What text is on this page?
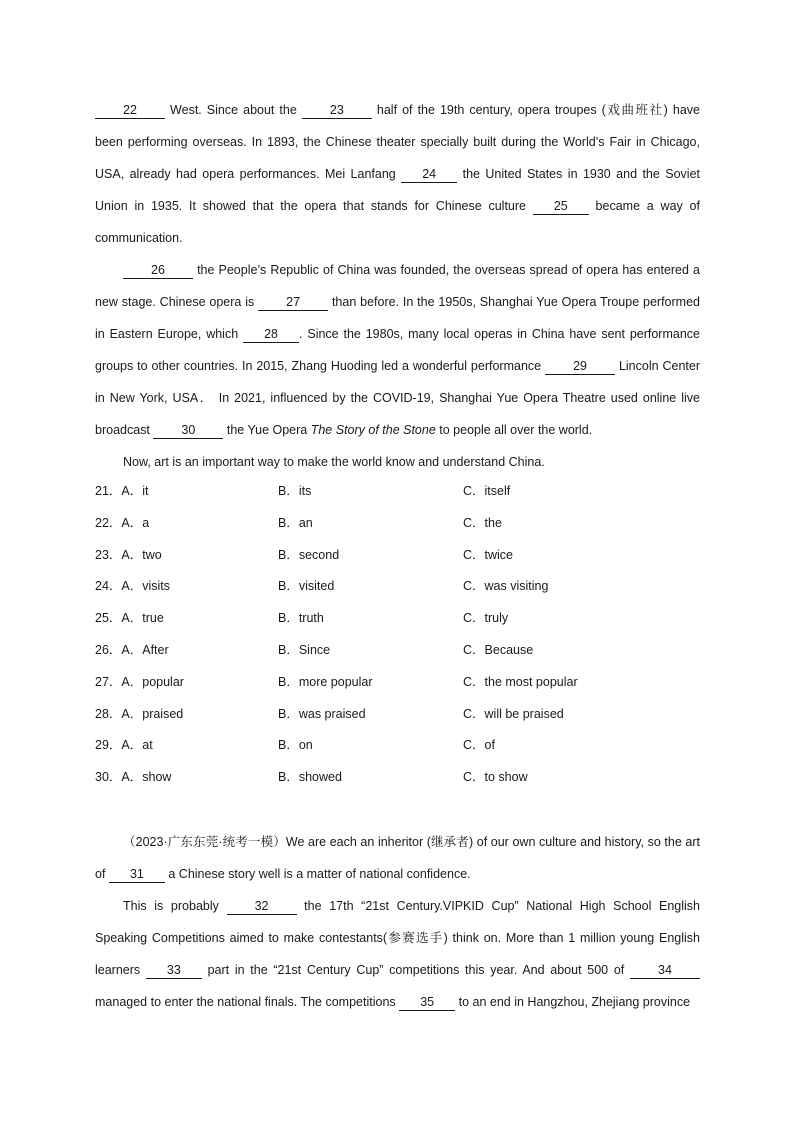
22 West. Since about the 23 half of the 19th century, opera troupes (戏曲班社) have been performing overseas. In 1893, the Chinese theater specially built during the World’s Fair in Chicago, USA, already had opera performances. Mei Lanfang 24 the United States in 1930 and the Soviet Union in 1935. It showed that the opera that stands for Chinese culture 25 became a way of communication.

26 the People’s Republic of China was founded, the overseas spread of opera has entered a new stage. Chinese opera is 27 than before. In the 1950s, Shanghai Yue Opera Troupe performed in Eastern Europe, which 28 . Since the 1980s, many local operas in China have sent performance groups to other countries. In 2015, Zhang Huoding led a wonderful performance 29 Lincoln Center in New York, USA． In 2021, influenced by the COVID-19, Shanghai Yue Opera Theatre used online live broadcast 30 the Yue Opera The Story of the Stone to people all over the world.

Now, art is an important way to make the world know and understand China.

21．A．it	B．its	C．itself
22．A．a	B．an	C．the
23．A．two	B．second	C．twice
24．A．visits	B．visited	C．was visiting
25．A．true	B．truth	C．truly
26．A．After	B．Since	C．Because
27．A．popular	B．more popular	C．the most popular
28．A．praised	B．was praised	C．will be praised
29．A．at	B．on	C．of
30．A．show	B．showed	C．to show

（2023·广东东莞·统考一模）We are each an inheritor (继承者) of our own culture and history, so the art of 31 a Chinese story well is a matter of national confidence.

This is probably 32 the 17th “21st Century.VIPKID Cup” National High School English Speaking Competitions aimed to make contestants(参赛选手) think on. More than 1 million young English learners 33 part in the “21st Century Cup” competitions this year. And about 500 of 34 managed to enter the national finals. The competitions 35 to an end in Hangzhou, Zhejiang province
